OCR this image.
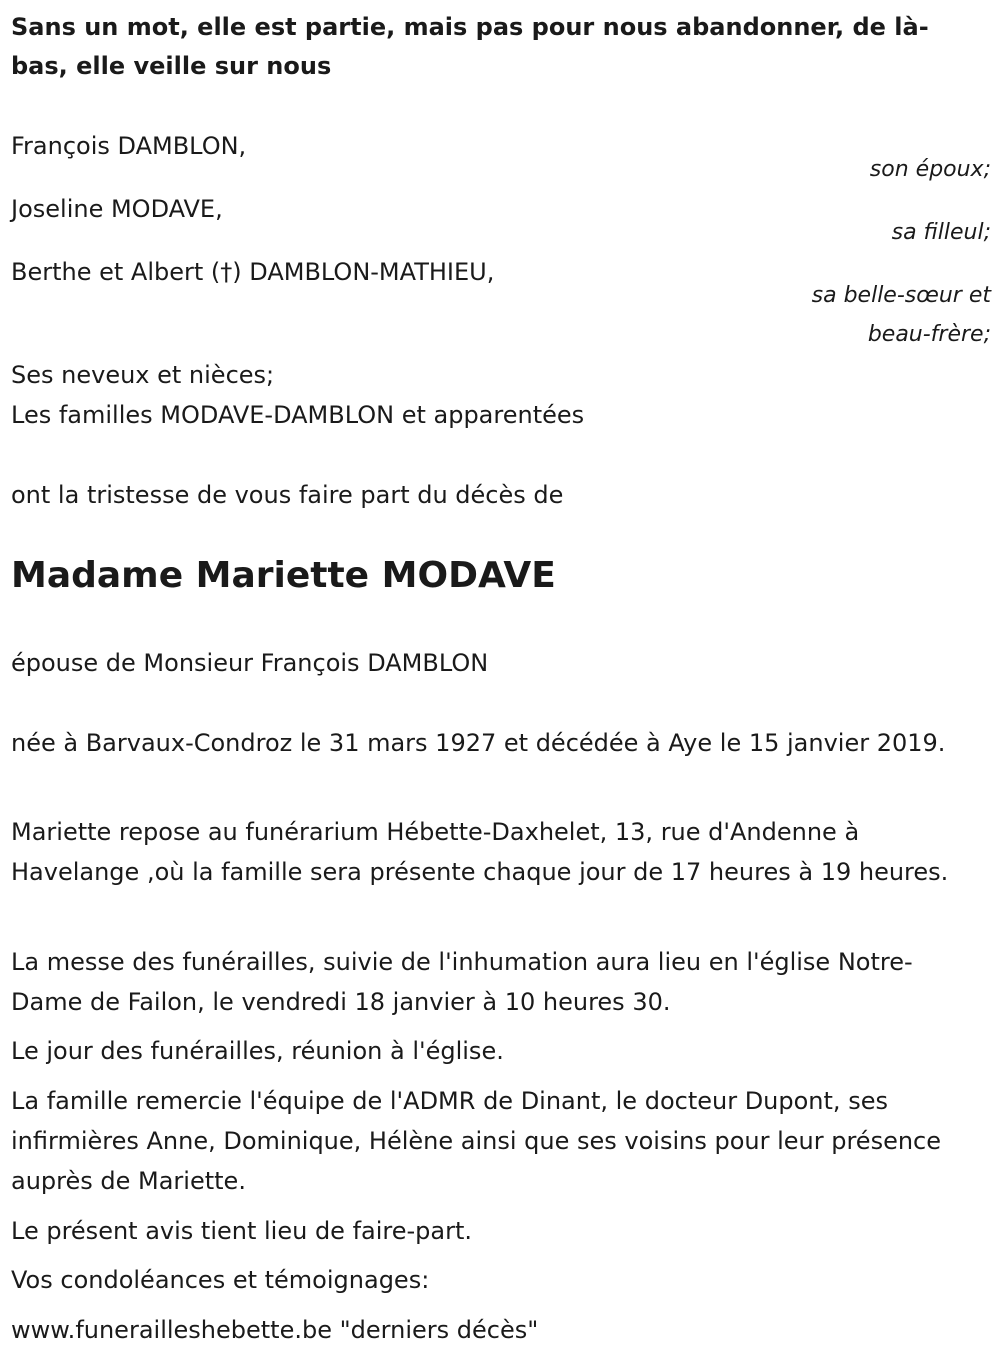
Sans un mot, elle est partie, mais pas pour nous abandonner, de là-bas, elle veille sur nous

François DAMBLON,
son époux;
Joseline MODAVE,
sa filleul;
Berthe et Albert (†) DAMBLON-MATHIEU,
sa belle-sœur et
beau-frère;

Ses neveux et nièces;

Les familles MODAVE-DAMBLON et apparentées

ont la tristesse de vous faire part du décès de

Madame Mariette MODAVE

épouse de Monsieur François DAMBLON

née à Barvaux-Condroz le 31 mars 1927 et décédée à Aye le 15 janvier 2019.

Mariette repose au funérarium Hébette-Daxhelet, 13, rue d'Andenne à Havelange ,où la famille sera présente chaque jour de 17 heures à 19 heures.

La messe des funérailles, suivie de l'inhumation aura lieu en l'église Notre-Dame de Failon, le vendredi 18 janvier à 10 heures 30.

Le jour des funérailles, réunion à l'église.

La famille remercie l'équipe de l'ADMR de Dinant, le docteur Dupont, ses infirmières Anne, Dominique, Hélène ainsi que ses voisins pour leur présence auprès de Mariette.

Le présent avis tient lieu de faire-part.

Vos condoléances et témoignages:

www.funerailleshebette.be "derniers décès"
